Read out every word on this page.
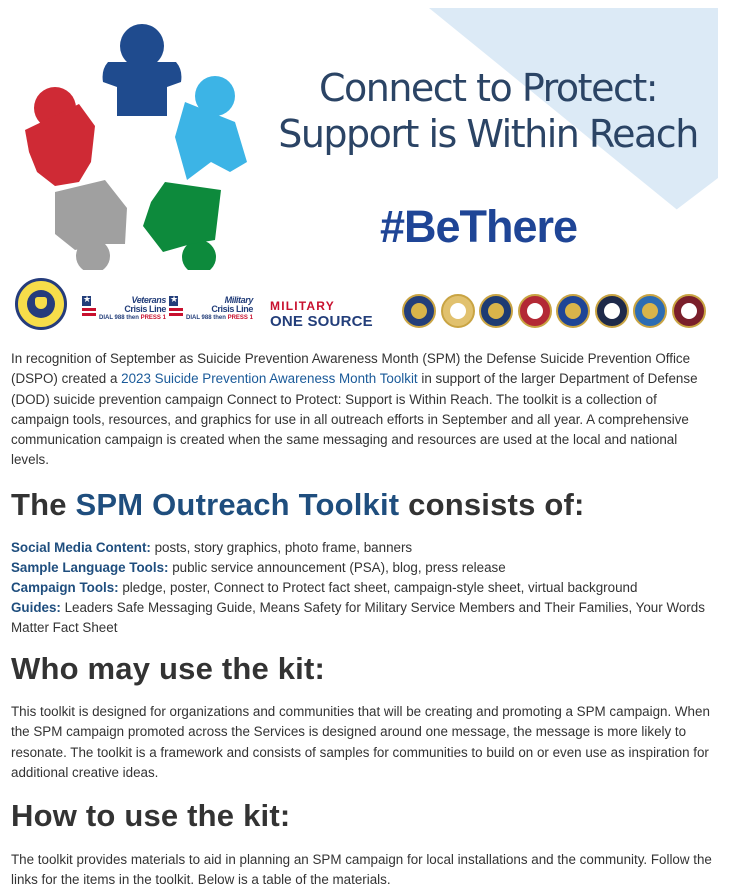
Connect to Protect:
Support is Within Reach
#BeThere
★	Veterans
Crisis Line
DIAL 988 then PRESS 1
★	Military
Crisis Line
DIAL 988 then PRESS 1
MILITARY
ONE SOURCE

In recognition of September as Suicide Prevention Awareness Month (SPM) the Defense Suicide Prevention Office (DSPO) created a 2023 Suicide Prevention Awareness Month Toolkit in support of the larger Department of Defense (DOD) suicide prevention campaign Connect to Protect: Support is Within Reach. The toolkit is a collection of campaign tools, resources, and graphics for use in all outreach efforts in September and all year. A comprehensive communication campaign is created when the same messaging and resources are used at the local and national levels.

The SPM Outreach Toolkit consists of:
Social Media Content: posts, story graphics, photo frame, banners
Sample Language Tools: public service announcement (PSA), blog, press release
Campaign Tools: pledge, poster, Connect to Protect fact sheet, campaign-style sheet, virtual background
Guides: Leaders Safe Messaging Guide, Means Safety for Military Service Members and Their Families, Your Words Matter Fact Sheet
Who may use the kit:

This toolkit is designed for organizations and communities that will be creating and promoting a SPM campaign. When the SPM campaign promoted across the Services is designed around one message, the message is more likely to resonate. The toolkit is a framework and consists of samples for communities to build on or even use as inspiration for additional creative ideas.

How to use the kit:

The toolkit provides materials to aid in planning an SPM campaign for local installations and the community. Follow the links for the items in the toolkit. Below is a table of the materials.
